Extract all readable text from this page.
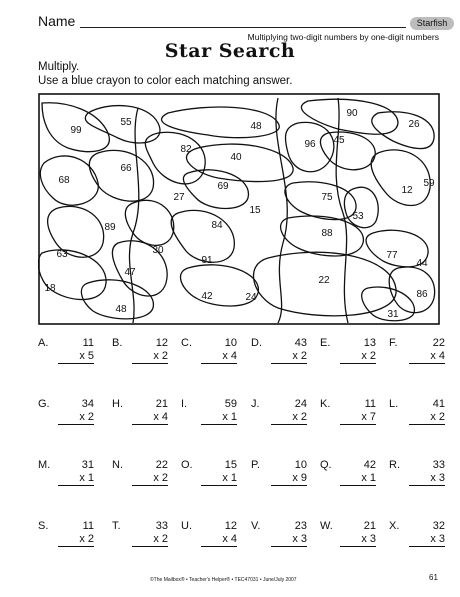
Name	Starfish
Multiplying two-digit numbers by one-digit numbers
Star Search
Multiply.
Use a blue crayon to color each matching answer.
99
55	48
90
26
82	96 45
40
68
66
69
75
12
59
27
15
53
89	84
88
30
91	77
44
63
47
22
18
42	24	86
48	31
A.	11
x 5
B.	12
x 2
C.	10
x 4
D.	43
x 2
E.	13
x 2
F.	22
x 4
G.	34
x 2
H.	21
x 4
I.	59
x 1
J.	24
x 2
K.	11
x 7
L.	41
x 2
M.	31
x 1
N.	22
x 2
O.	15
x 1
P.	10
x 9
Q.	42
x 1
R.	33
x 3
S.	11
x 2
T.	33
x 2
U.	12
x 4
V.	23
x 3
W.	21
x 3
X.	32
x 3
©The Mailbox® • Teacher's Helper® • TEC47031 • June/July 2007	61
